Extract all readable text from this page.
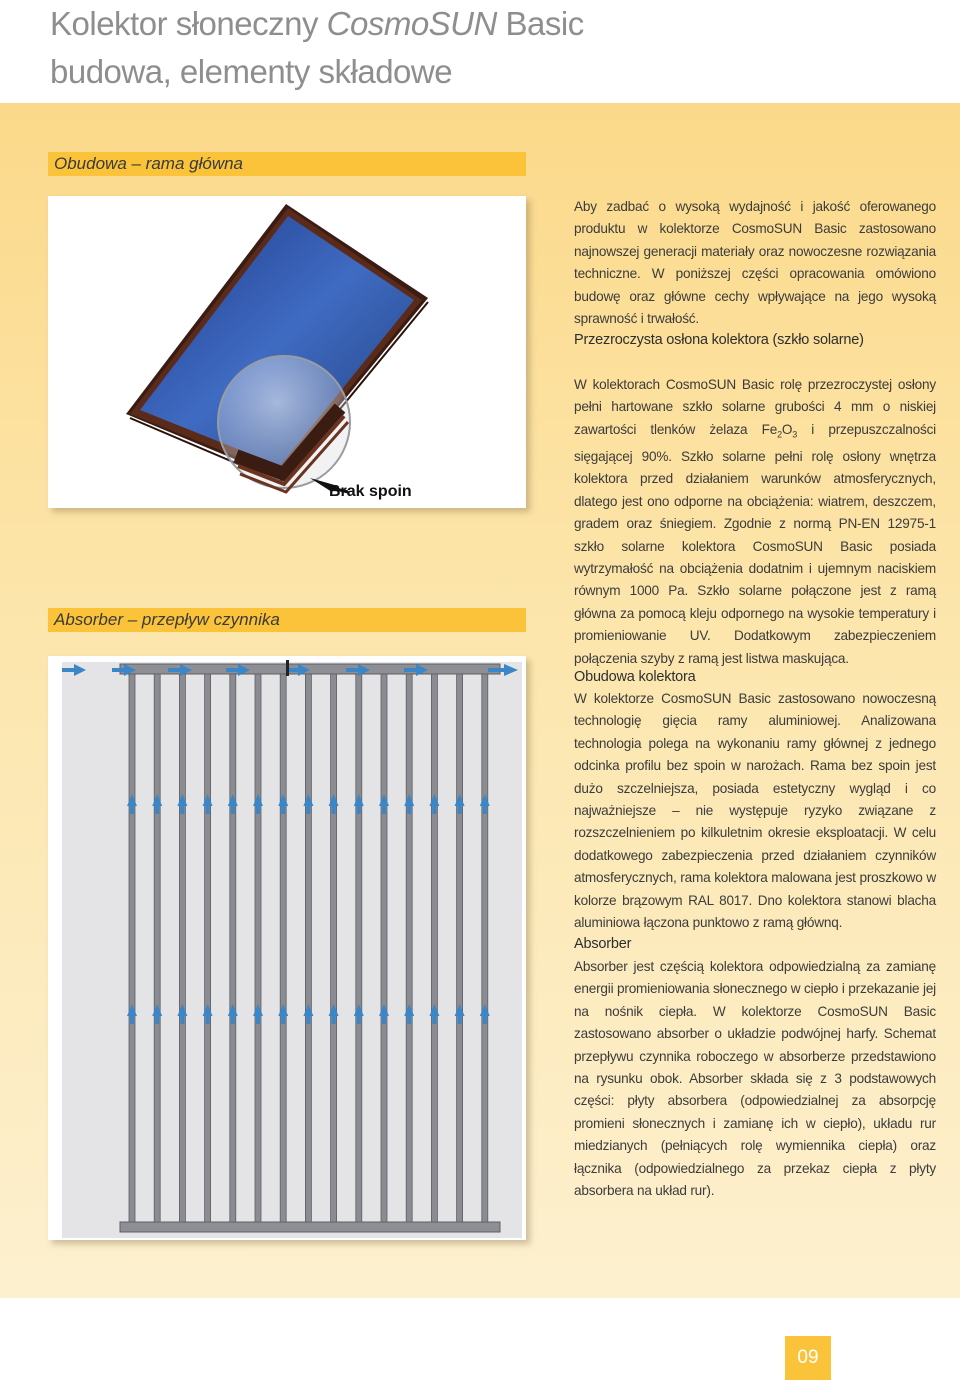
Kolektor słoneczny CosmoSUN Basic
budowa, elementy składowe
Obudowa – rama główna
Brak spoin
Absorber – przepływ czynnika
Aby zadbać o wysoką wydajność i jakość oferowanego produktu w kolektorze CosmoSUN Basic zastosowano najnowszej generacji materiały oraz nowoczesne rozwiązania techniczne. W poniższej części opracowania omówiono budowę oraz główne cechy wpływające na jego wysoką sprawność i trwałość.
Przezroczysta osłona kolektora (szkło solarne)
W kolektorach CosmoSUN Basic rolę przezroczystej osłony pełni hartowane szkło solarne grubości 4 mm o niskiej zawartości tlenków żelaza $Fe_2O_3$ i przepuszczalności sięgającej 90%. Szkło solarne pełni rolę osłony wnętrza kolektora przed działaniem warunków atmosferycznych, dlatego jest ono odporne na obciążenia: wiatrem, deszczem, gradem oraz śniegiem. Zgodnie z normą PN-EN 12975-1 szkło solarne kolektora CosmoSUN Basic posiada wytrzymałość na obciążenia dodatnim i ujemnym naciskiem równym 1000 Pa. Szkło solarne połączone jest z ramą główna za pomocą kleju odpornego na wysokie temperatury i promieniowanie UV. Dodatkowym zabezpieczeniem połączenia szyby z ramą jest listwa maskująca.
Obudowa kolektora
W kolektorze CosmoSUN Basic zastosowano nowoczesną technologię gięcia ramy aluminiowej. Analizowana technologia polega na wykonaniu ramy głównej z jednego odcinka profilu bez spoin w narożach. Rama bez spoin jest dużo szczelniejsza, posiada estetyczny wygląd i co najważniejsze – nie występuje ryzyko związane z rozszczelnieniem po kilkuletnim okresie eksploatacji. W celu dodatkowego zabezpieczenia przed działaniem czynników atmosferycznych, rama kolektora malowana jest proszkowo w kolorze brązowym RAL 8017. Dno kolektora stanowi blacha aluminiowa łączona punktowo z ramą głównq.
Absorber
Absorber jest częścią kolektora odpowiedzialną za zamianę energii promieniowania słonecznego w ciepło i przekazanie jej na nośnik ciepła. W kolektorze CosmoSUN Basic zastosowano absorber o układzie podwójnej harfy. Schemat przepływu czynnika roboczego w absorberze przedstawiono na rysunku obok. Absorber składa się z 3 podstawowych części: płyty absorbera (odpowiedzialnej za absorpcję promieni słonecznych i zamianę ich w ciepło), układu rur miedzianych (pełniących rolę wymiennika ciepła) oraz łącznika (odpowiedzialnego za przekaz ciepła z płyty absorbera na układ rur).
09
